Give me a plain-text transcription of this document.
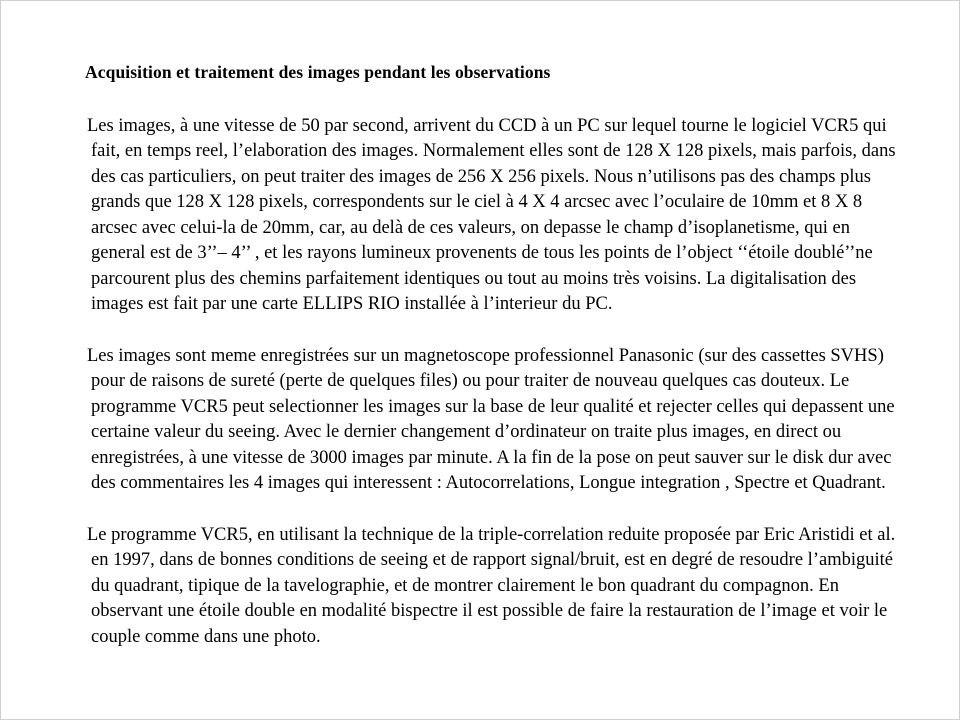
Acquisition et traitement des images pendant les observations

Les images, à une vitesse de 50 par second, arrivent du CCD à un PC sur lequel tourne le logiciel VCR5 qui fait, en temps reel, l’elaboration des images. Normalement elles sont de 128 X 128 pixels, mais parfois, dans des cas particuliers, on peut traiter des images de 256 X 256 pixels. Nous n’utilisons pas des champs plus grands que 128 X 128 pixels, correspondents sur le ciel à 4 X 4 arcsec avec l’oculaire de 10mm et 8 X 8 arcsec avec celui-la de 20mm, car, au delà de ces valeurs, on depasse le champ d’isoplanetisme, qui en general est de 3’’– 4’’ , et les rayons lumineux provenents de tous les points de l’object ‘‘étoile doublé’’ne parcourent plus des chemins parfaitement identiques ou tout au moins très voisins. La digitalisation des images est fait par une carte ELLIPS RIO installée à l’interieur du PC.

Les images sont meme enregistrées sur un magnetoscope professionnel Panasonic (sur des cassettes SVHS) pour de raisons de sureté (perte de quelques files) ou pour traiter de nouveau quelques cas douteux. Le programme VCR5 peut selectionner les images sur la base de leur qualité et rejecter celles qui depassent une certaine valeur du seeing. Avec le dernier changement d’ordinateur on traite plus images, en direct ou enregistrées, à une vitesse de 3000 images par minute. A la fin de la pose on peut sauver sur le disk dur avec des commentaires les 4 images qui interessent : Autocorrelations, Longue integration , Spectre et Quadrant.

Le programme VCR5, en utilisant la technique de la triple-correlation reduite proposée par Eric Aristidi et al. en 1997, dans de bonnes conditions de seeing et de rapport signal/bruit, est en degré de resoudre l’ambiguité du quadrant, tipique de la tavelographie, et de montrer clairement le bon quadrant du compagnon. En observant une étoile double en modalité bispectre il est possible de faire la restauration de l’image et voir le couple comme dans une photo.
